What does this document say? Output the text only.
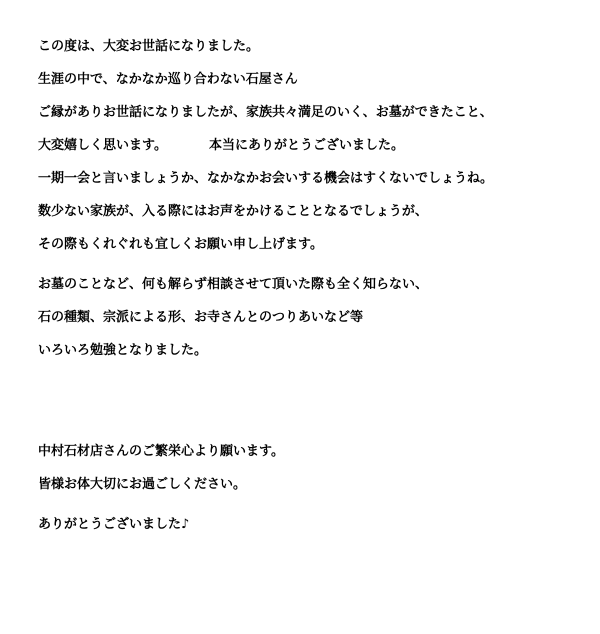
この度は、大変お世話になりました。
生涯の中で、なかなか巡り合わない石屋さん
ご縁がありお世話になりましたが、家族共々満足のいく、お墓ができたこと、
大変嬉しく思います。	本当にありがとうございました。
一期一会と言いましょうか、なかなかお会いする機会はすくないでしょうね。
数少ない家族が、入る際にはお声をかけることとなるでしょうが、
その際もくれぐれも宜しくお願い申し上げます。
お墓のことなど、何も解らず相談させて頂いた際も全く知らない、
石の種類、宗派による形、お寺さんとのつりあいなど等
いろいろ勉強となりました。
中村石材店さんのご繁栄心より願います。
皆様お体大切にお過ごしください。
ありがとうございました♪
